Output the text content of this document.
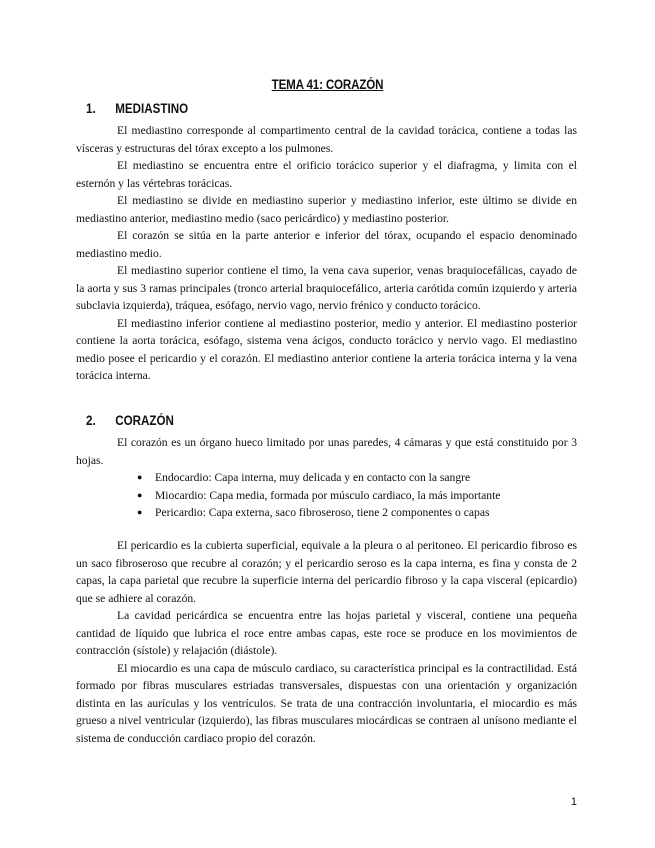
TEMA 41: CORAZÓN
1. MEDIASTINO

El mediastino corresponde al compartimento central de la cavidad torácica, contiene a todas las vísceras y estructuras del tórax excepto a los pulmones.

El mediastino se encuentra entre el orificio torácico superior y el diafragma, y limita con el esternón y las vértebras torácicas.

El mediastino se divide en mediastino superior y mediastino inferior, este último se divide en mediastino anterior, mediastino medio (saco pericárdico) y mediastino posterior.

El corazón se sitúa en la parte anterior e inferior del tórax, ocupando el espacio denominado mediastino medio.

El mediastino superior contiene el timo, la vena cava superior, venas braquiocefálicas, cayado de la aorta y sus 3 ramas principales (tronco arterial braquiocefálico, arteria carótida común izquierdo y arteria subclavia izquierda), tráquea, esófago, nervio vago, nervio frénico y conducto torácico.

El mediastino inferior contiene al mediastino posterior, medio y anterior. El mediastino posterior contiene la aorta torácica, esófago, sistema vena ácigos, conducto torácico y nervio vago. El mediastino medio posee el pericardio y el corazón. El mediastino anterior contiene la arteria torácica interna y la vena torácica interna.

2. CORAZÓN

El corazón es un órgano hueco limitado por unas paredes, 4 cámaras y que está constituido por 3 hojas.

● Endocardio: Capa interna, muy delicada y en contacto con la sangre
● Miocardio: Capa media, formada por músculo cardiaco, la más importante
● Pericardio: Capa externa, saco fibroseroso, tiene 2 componentes o capas

El pericardio es la cubierta superficial, equivale a la pleura o al peritoneo. El pericardio fibroso es un saco fibroseroso que recubre al corazón; y el pericardio seroso es la capa interna, es fina y consta de 2 capas, la capa parietal que recubre la superficie interna del pericardio fibroso y la capa visceral (epicardio) que se adhiere al corazón.

La cavidad pericárdica se encuentra entre las hojas parietal y visceral, contiene una pequeña cantidad de líquido que lubrica el roce entre ambas capas, este roce se produce en los movimientos de contracción (sístole) y relajación (diástole).

El miocardio es una capa de músculo cardiaco, su característica principal es la contractilidad. Está formado por fibras musculares estriadas transversales, dispuestas con una orientación y organización distinta en las aurículas y los ventrículos. Se trata de una contracción involuntaria, el miocardio es más grueso a nivel ventricular (izquierdo), las fibras musculares miocárdicas se contraen al unísono mediante el sistema de conducción cardiaco propio del corazón.

1
